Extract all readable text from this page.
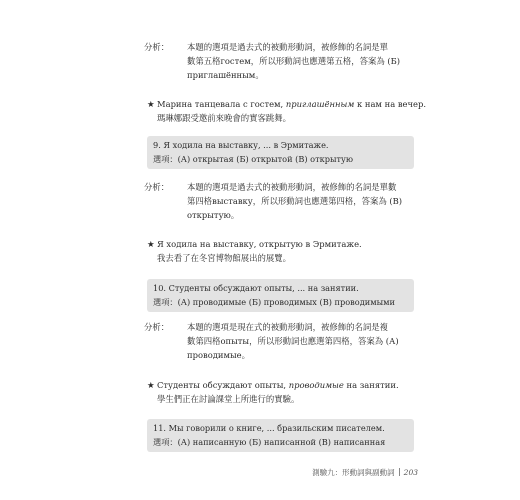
分析：	本題的選項是過去式的被動形動詞，被修飾的名詞是單
數第五格гостем，所以形動詞也應選第五格，答案為 (Б)
приглашённым。
★ Марина танцевала с гостем, приглашённым к нам на вечер.
瑪琳娜跟受邀前來晚會的實客跳舞。
9. Я ходила на выставку, ... в Эрмитаже.
選項：(А) открытая (Б) открытой (В) открытую
分析：	本題的選項是過去式的被動形動詞，被修飾的名詞是單數
第四格выставку，所以形動詞也應選第四格，答案為 (В)
открытую。
★ Я ходила на выставку, открытую в Эрмитаже.
我去看了在冬宮博物館展出的展覽。
10. Студенты обсуждают опыты, ... на занятии.
選項：(А) проводимые (Б) проводимых (В) проводимыми
分析：	本題的選項是現在式的被動形動詞，被修飾的名詞是複
數第四格опыты，所以形動詞也應選第四格，答案為 (А)
проводимые。
★ Студенты обсуждают опыты, проводимые на занятии.
學生們正在討論課堂上所進行的實驗。
11. Мы говорили о книге, ... бразильским писателем.
選項：(А) написанную (Б) написанной (В) написанная
測驗九：形動詞與副動詞 203
